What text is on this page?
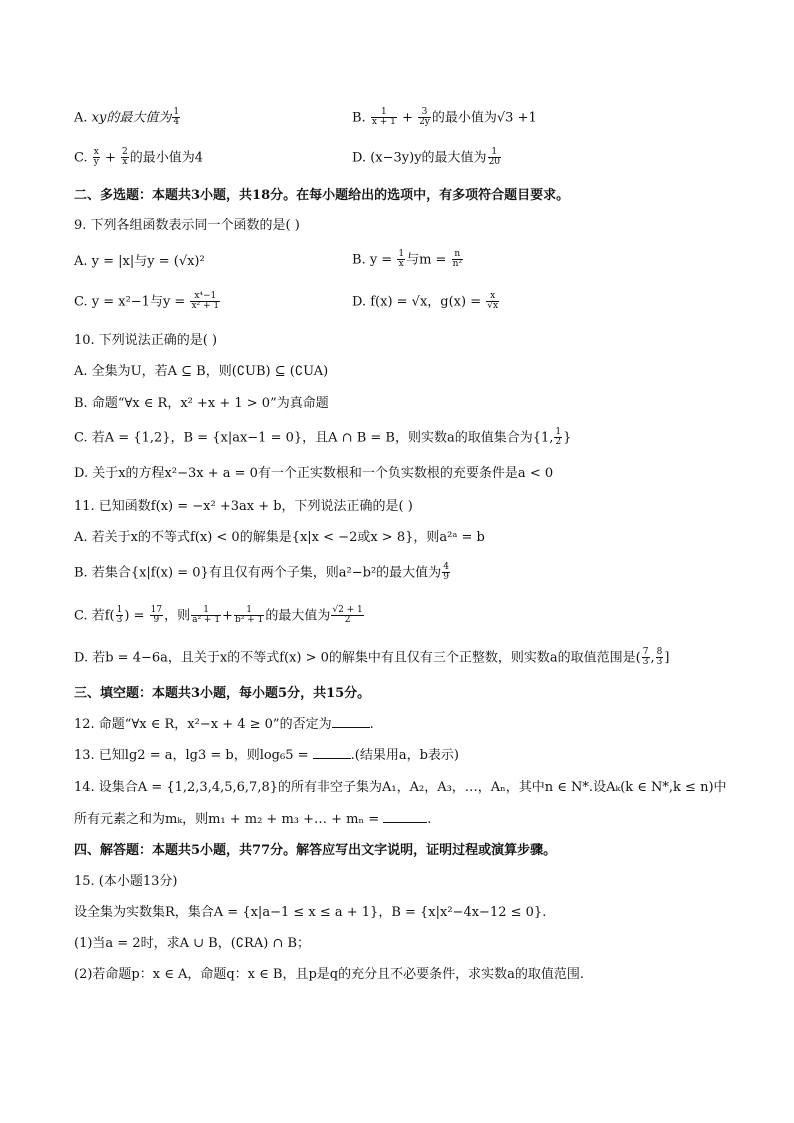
A. xy的最大值为 $\frac{1}{4}$	B. $\frac{1}{x + 1} + \frac{3}{2y}$ 的最小值为√3 +1
C. $\frac{x}{y} + \frac{2}{x}$ 的最小值为4	D. (x−3y)y的最大值为 $\frac{1}{20}$
二、多选题：本题共3小题，共18分。在每小题给出的选项中，有多项符合题目要求。
9. 下列各组函数表示同一个函数的是( )
A. y = |x|与y = (√x)²	B. $y = \frac{1}{x}$ 与$m = \frac{n}{\text{n²}}$
C. y = x²−1与$y = \frac{\text{x⁴−1}}{\text{x² + 1}}$	D. f(x) = √x，$g(x) = \frac{x}{√x}$
10. 下列说法正确的是( )
A. 全集为U，若A ⊆ B，则(∁UB) ⊆ (∁UA)
B. 命题“∀x ∈ R，x² +x + 1 > 0”为真命题
C. 若A = {1,2}，B = {x|ax−1 = 0}，且A ∩ B = B，则实数a的取值集合为{1, $\frac{1}{2}$ }
D. 关于x的方程x²−3x + a = 0有一个正实数根和一个负实数根的充要条件是a < 0
11. 已知函数f(x) = −x² +3ax + b，下列说法正确的是( )
A. 若关于x的不等式f(x) < 0的解集是{x|x < −2或x > 8}，则a²ᵃ = b
B. 若集合{x|f(x) = 0}有且仅有两个子集，则a²−b²的最大值为 $\frac{4}{9}$
C. 若$f( \frac{1}{3}$ ) = $\frac{17}{9}$ ，则 $\frac{1}{\text{a² + 1}} + \frac{1}{\text{b² + 1}}$ 的最大值为 $\frac{√2 + 1}{2}$
D. 若b = 4−6a，且关于x的不等式f(x) > 0的解集中有且仅有三个正整数，则实数a的取值范围是( $\frac{7}{3}$ , $\frac{8}{3}$ ]
三、填空题：本题共3小题，每小题5分，共15分。
12. 命题“∀x ∈ R，x²−x + 4 ≥ 0”的否定为	.
13. 已知lg2 = a，lg3 = b，则log₆5 =	.(结果用a，b表示)
14. 设集合A = {1,2,3,4,5,6,7,8}的所有非空子集为A₁，A₂，A₃，…，Aₙ，其中n ∈ N*.设Aₖ(k ∈ N*,k ≤ n)中
所有元素之和为mₖ，则m₁ + m₂ + m₃ +… + mₙ =	.
四、解答题：本题共5小题，共77分。解答应写出文字说明，证明过程或演算步骤。
15. (本小题13分)
设全集为实数集R，集合A = {x|a−1 ≤ x ≤ a + 1}，B = {x|x²−4x−12 ≤ 0}.
(1)当a = 2时，求A ∪ B，(∁RA) ∩ B；
(2)若命题p：x ∈ A，命题q：x ∈ B，且p是q的充分且不必要条件，求实数a的取值范围.
